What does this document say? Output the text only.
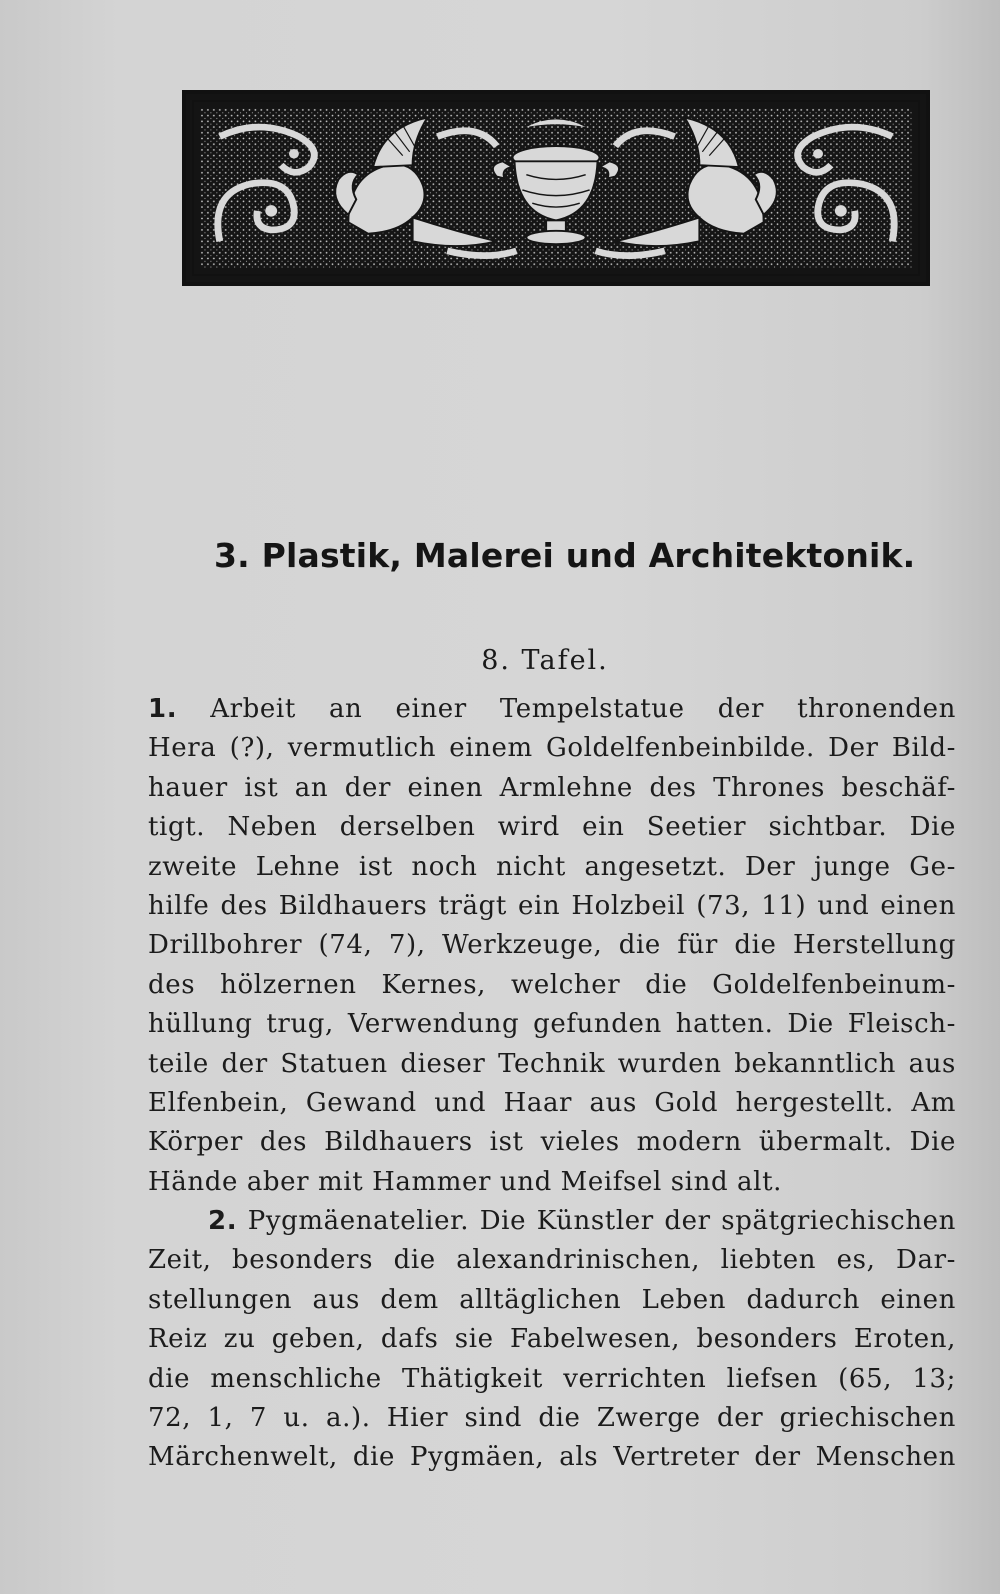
3. Plastik, Malerei und Architektonik.
8. Tafel.
1. Arbeit an einer Tempelstatue der thronenden
Hera (?), vermutlich einem Goldelfenbeinbilde. Der Bild-
hauer ist an der einen Armlehne des Thrones beschäf-
tigt. Neben derselben wird ein Seetier sichtbar. Die
zweite Lehne ist noch nicht angesetzt. Der junge Ge-
hilfe des Bildhauers trägt ein Holzbeil (73, 11) und einen
Drillbohrer (74, 7), Werkzeuge, die für die Herstellung
des hölzernen Kernes, welcher die Goldelfenbeinum-
hüllung trug, Verwendung gefunden hatten. Die Fleisch-
teile der Statuen dieser Technik wurden bekanntlich aus
Elfenbein, Gewand und Haar aus Gold hergestellt. Am
Körper des Bildhauers ist vieles modern übermalt. Die
Hände aber mit Hammer und Meifsel sind alt.
2. Pygmäenatelier. Die Künstler der spätgriechischen
Zeit, besonders die alexandrinischen, liebten es, Dar-
stellungen aus dem alltäglichen Leben dadurch einen
Reiz zu geben, dafs sie Fabelwesen, besonders Eroten,
die menschliche Thätigkeit verrichten liefsen (65, 13;
72, 1, 7 u. a.). Hier sind die Zwerge der griechischen
Märchenwelt, die Pygmäen, als Vertreter der Menschen
